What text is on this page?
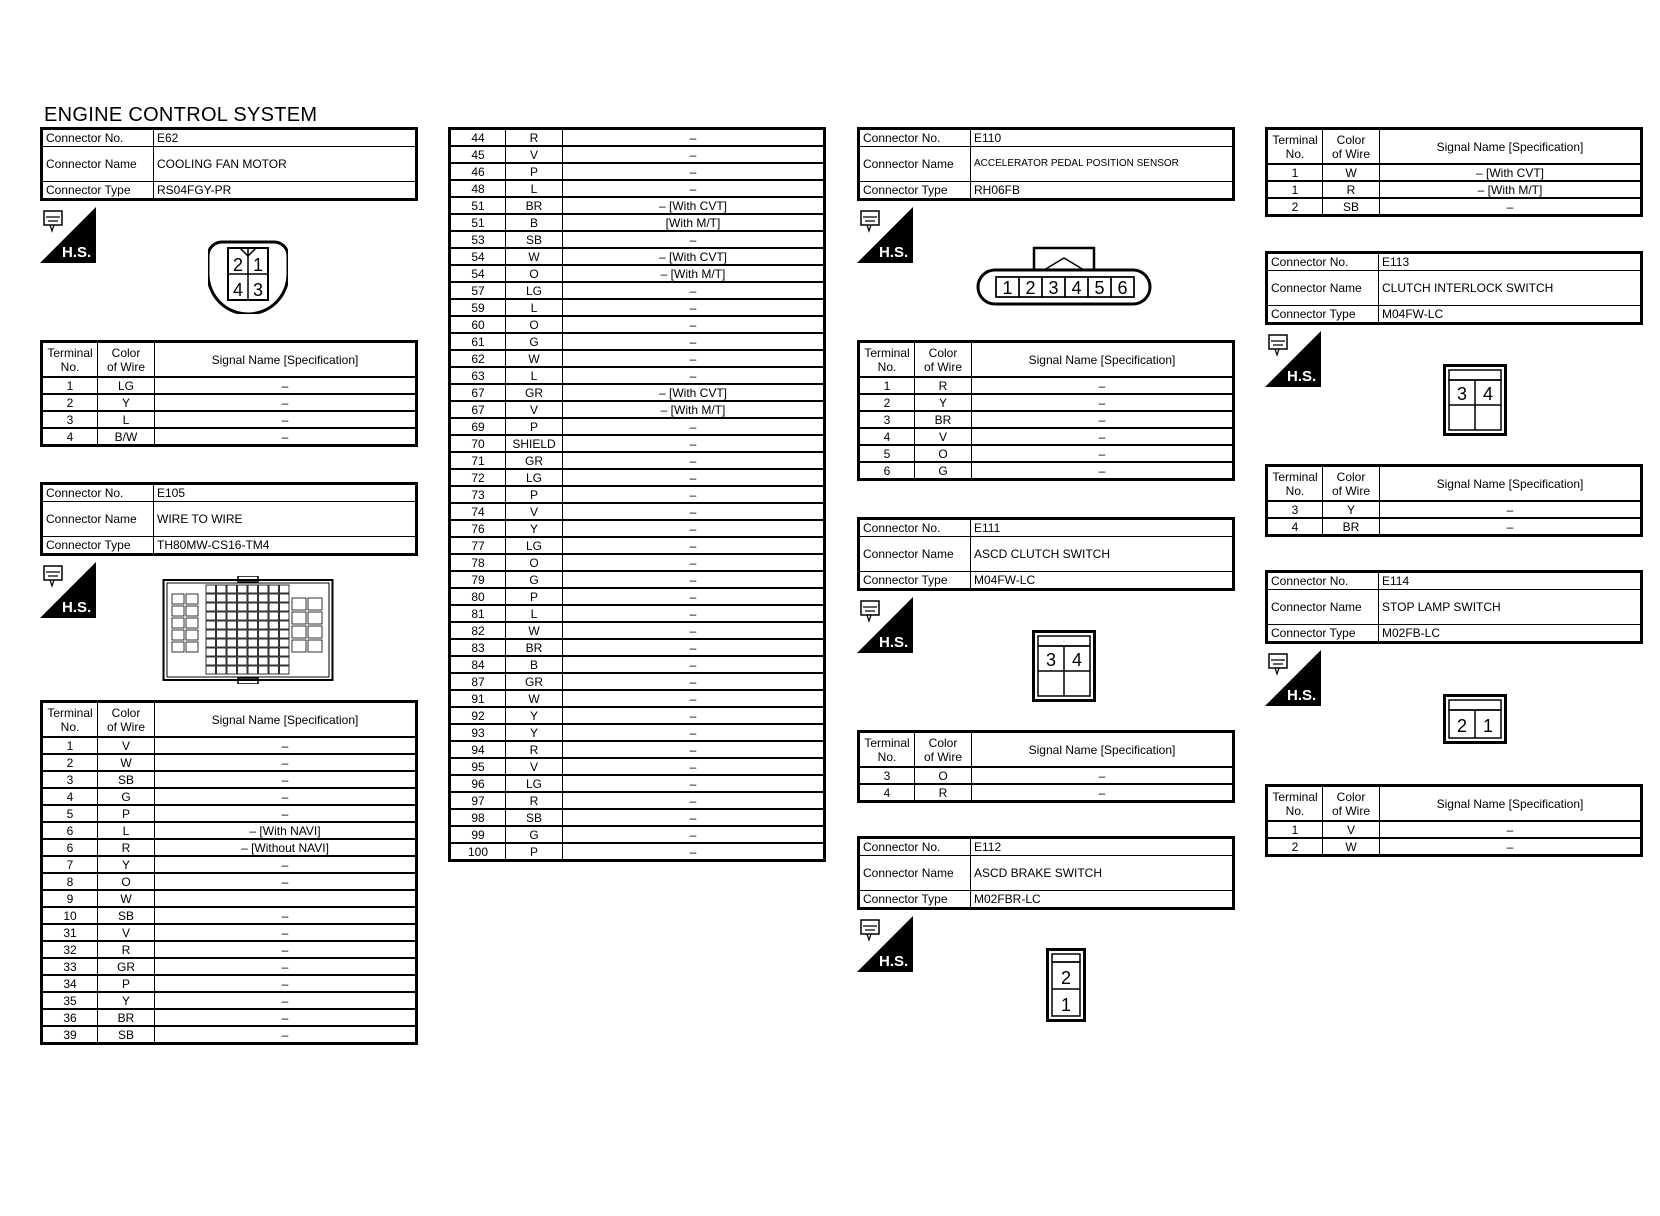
ENGINE CONTROL SYSTEM
Connector No.	E62
Connector Name	COOLING FAN MOTOR
Connector Type	RS04FGY-PR
H.S.
2 1
4 3
Terminal
No.	Color
of Wire	Signal Name [Specification]
1	LG	–
2	Y	–
3	L	–
4	B/W	–
Connector No.	E105
Connector Name	WIRE TO WIRE
Connector Type	TH80MW-CS16-TM4
H.S.
Terminal
No.	Color
of Wire	Signal Name [Specification]
1	V	–
2	W	–
3	SB	–
4	G	–
5	P	–
6	L	– [With NAVI]
6	R	– [Without NAVI]
7	Y	–
8	O	–
9	W	
10	SB	–
31	V	–
32	R	–
33	GR	–
34	P	–
35	Y	–
36	BR	–
39	SB	–
44	R	–
45	V	–
46	P	–
48	L	–
51	BR	– [With CVT]
51	B	[With M/T]
53	SB	–
54	W	– [With CVT]
54	O	– [With M/T]
57	LG	–
59	L	–
60	O	–
61	G	–
62	W	–
63	L	–
67	GR	– [With CVT]
67	V	– [With M/T]
69	P	–
70	SHIELD	–
71	GR	–
72	LG	–
73	P	–
74	V	–
76	Y	–
77	LG	–
78	O	–
79	G	–
80	P	–
81	L	–
82	W	–
83	BR	–
84	B	–
87	GR	–
91	W	–
92	Y	–
93	Y	–
94	R	–
95	V	–
96	LG	–
97	R	–
98	SB	–
99	G	–
100	P	–
Connector No.	E110
Connector Name	ACCELERATOR PEDAL POSITION SENSOR
Connector Type	RH06FB
H.S.
1 2 3 4 5 6
Terminal
No.	Color
of Wire	Signal Name [Specification]
1	R	–
2	Y	–
3	BR	–
4	V	–
5	O	–
6	G	–
Connector No.	E111
Connector Name	ASCD CLUTCH SWITCH
Connector Type	M04FW-LC
H.S.
3 4
Terminal
No.	Color
of Wire	Signal Name [Specification]
3	O	–
4	R	–
Connector No.	E112
Connector Name	ASCD BRAKE SWITCH
Connector Type	M02FBR-LC
H.S.
2
1
Terminal
No.	Color
of Wire	Signal Name [Specification]
1	W	– [With CVT]
1	R	– [With M/T]
2	SB	–
Connector No.	E113
Connector Name	CLUTCH INTERLOCK SWITCH
Connector Type	M04FW-LC
H.S.
3 4
Terminal
No.	Color
of Wire	Signal Name [Specification]
3	Y	–
4	BR	–
Connector No.	E114
Connector Name	STOP LAMP SWITCH
Connector Type	M02FB-LC
H.S.
2 1
Terminal
No.	Color
of Wire	Signal Name [Specification]
1	V	–
2	W	–
